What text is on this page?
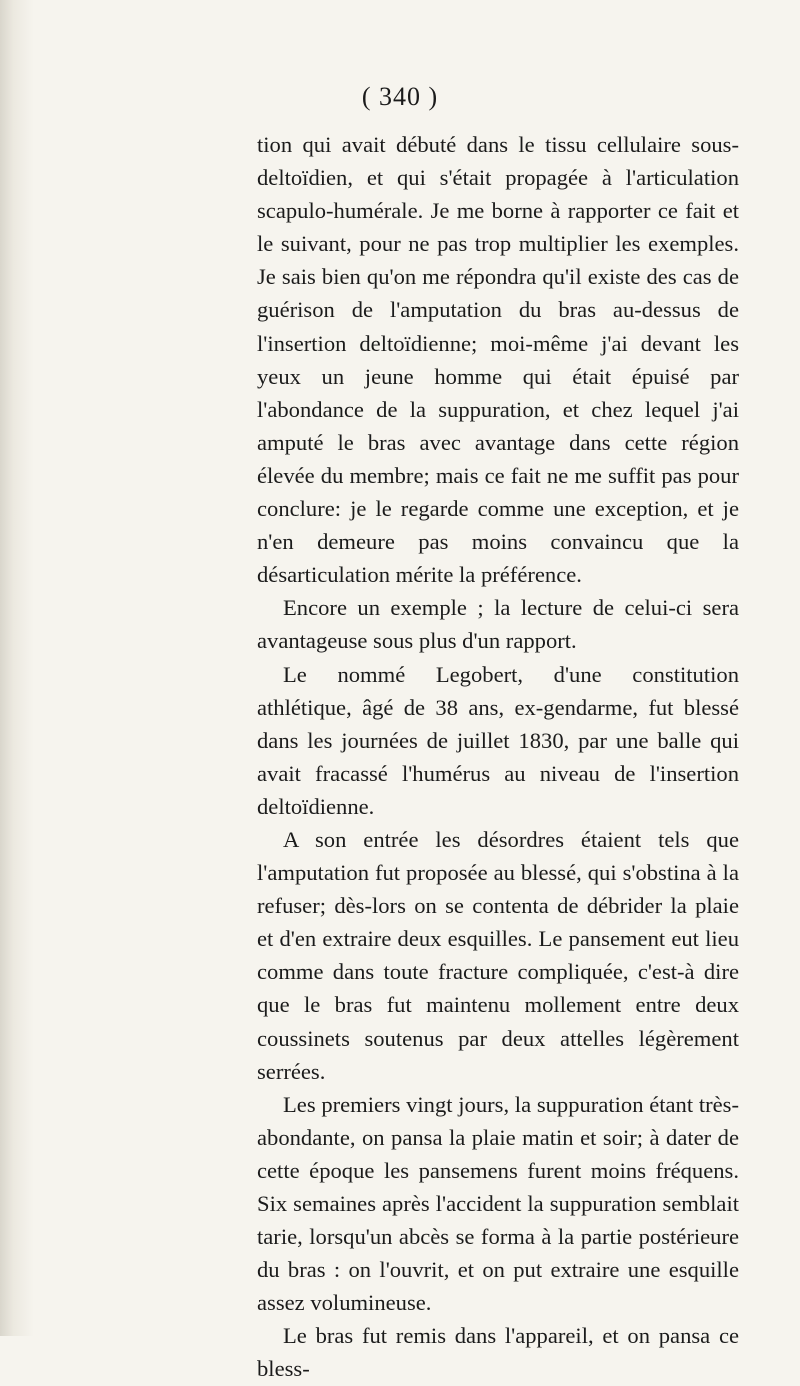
( 340 )

tion qui avait débuté dans le tissu cellulaire sous-deltoïdien, et qui s'était propagée à l'articulation scapulo-humérale. Je me borne à rapporter ce fait et le suivant, pour ne pas trop multiplier les exemples. Je sais bien qu'on me répondra qu'il existe des cas de guérison de l'amputation du bras au-dessus de l'insertion deltoïdienne; moi-même j'ai devant les yeux un jeune homme qui était épuisé par l'abondance de la suppuration, et chez lequel j'ai amputé le bras avec avantage dans cette région élevée du membre; mais ce fait ne me suffit pas pour conclure: je le regarde comme une exception, et je n'en demeure pas moins convaincu que la désarticulation mérite la préférence.

Encore un exemple ; la lecture de celui-ci sera avantageuse sous plus d'un rapport.

Le nommé Legobert, d'une constitution athlétique, âgé de 38 ans, ex-gendarme, fut blessé dans les journées de juillet 1830, par une balle qui avait fracassé l'humérus au niveau de l'insertion deltoïdienne.

A son entrée les désordres étaient tels que l'amputation fut proposée au blessé, qui s'obstina à la refuser; dès-lors on se contenta de débrider la plaie et d'en extraire deux esquilles. Le pansement eut lieu comme dans toute fracture compliquée, c'est-à dire que le bras fut maintenu mollement entre deux coussinets soutenus par deux attelles légèrement serrées.

Les premiers vingt jours, la suppuration étant très-abondante, on pansa la plaie matin et soir; à dater de cette époque les pansemens furent moins fréquens. Six semaines après l'accident la suppuration semblait tarie, lorsqu'un abcès se forma à la partie postérieure du bras : on l'ouvrit, et on put extraire une esquille assez volumineuse.

Le bras fut remis dans l'appareil, et on pansa ce bless-
